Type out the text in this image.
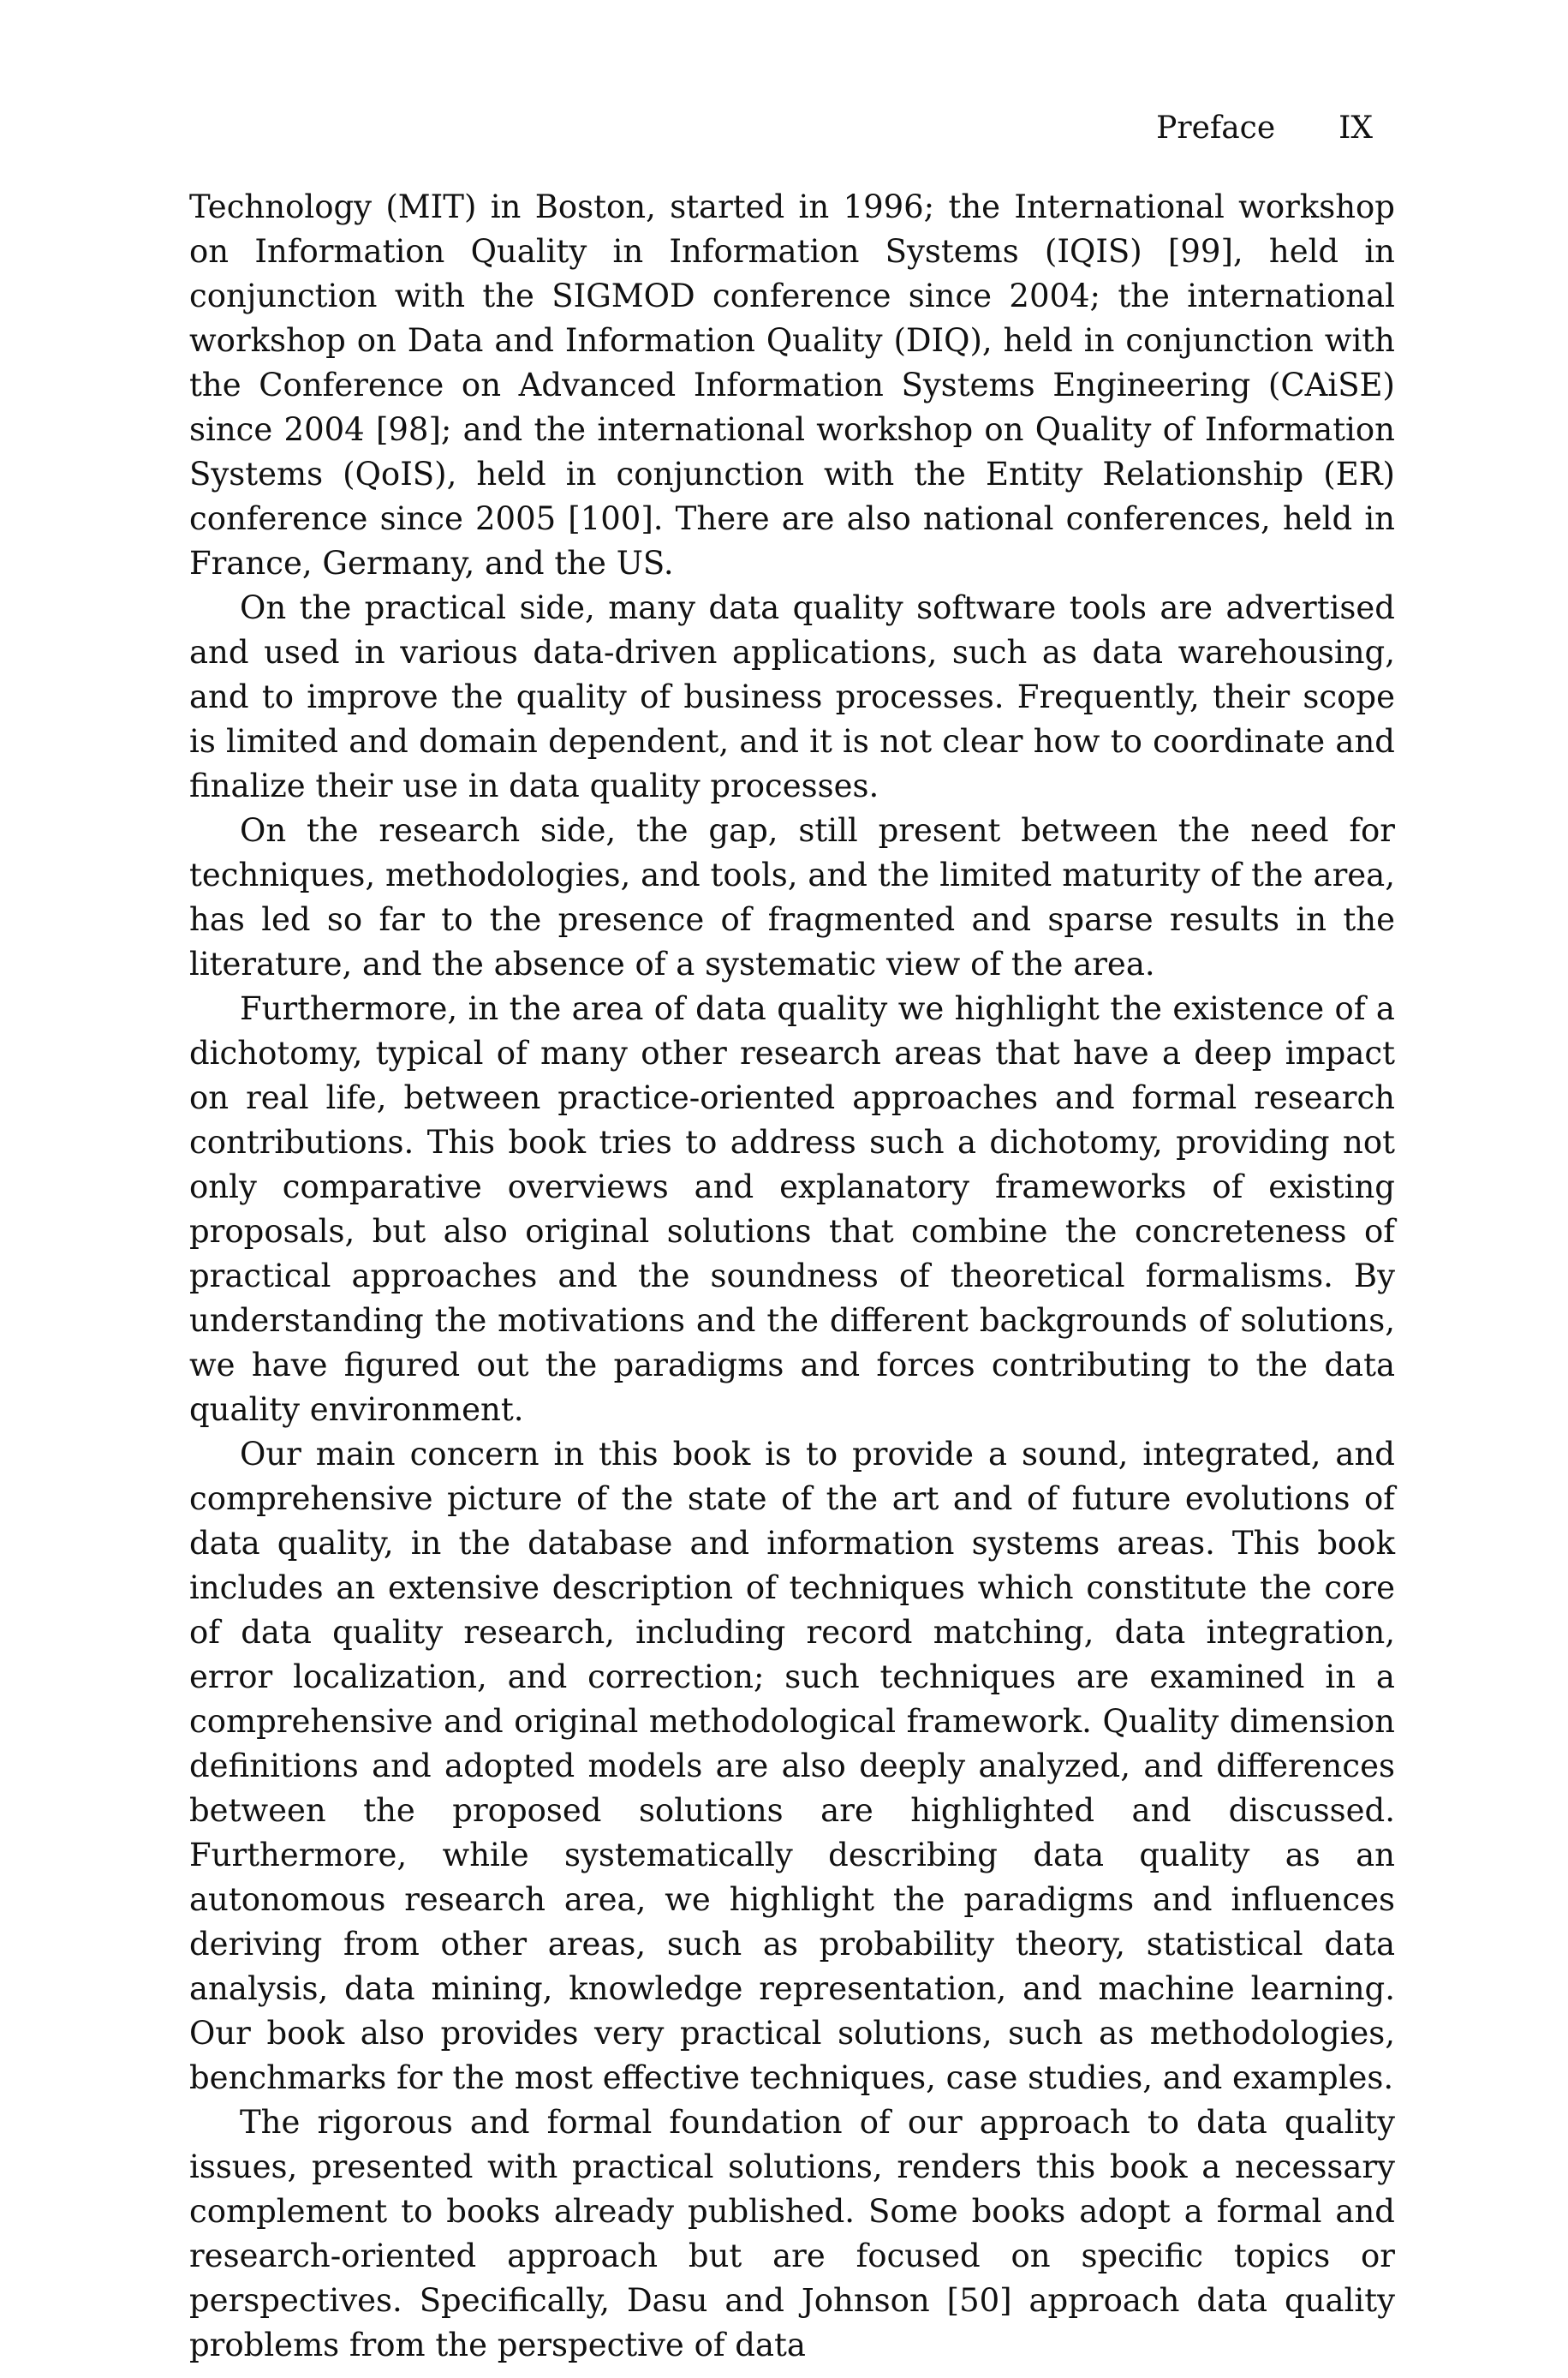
Preface IX

Technology (MIT) in Boston, started in 1996; the International workshop on Information Quality in Information Systems (IQIS) [99], held in conjunction with the SIGMOD conference since 2004; the international workshop on Data and Information Quality (DIQ), held in conjunction with the Conference on Advanced Information Systems Engineering (CAiSE) since 2004 [98]; and the international workshop on Quality of Information Systems (QoIS), held in conjunction with the Entity Relationship (ER) conference since 2005 [100]. There are also national conferences, held in France, Germany, and the US.

On the practical side, many data quality software tools are advertised and used in various data-driven applications, such as data warehousing, and to improve the quality of business processes. Frequently, their scope is limited and domain dependent, and it is not clear how to coordinate and finalize their use in data quality processes.

On the research side, the gap, still present between the need for techniques, methodologies, and tools, and the limited maturity of the area, has led so far to the presence of fragmented and sparse results in the literature, and the absence of a systematic view of the area.

Furthermore, in the area of data quality we highlight the existence of a dichotomy, typical of many other research areas that have a deep impact on real life, between practice-oriented approaches and formal research contributions. This book tries to address such a dichotomy, providing not only comparative overviews and explanatory frameworks of existing proposals, but also original solutions that combine the concreteness of practical approaches and the soundness of theoretical formalisms. By understanding the motivations and the different backgrounds of solutions, we have figured out the paradigms and forces contributing to the data quality environment.

Our main concern in this book is to provide a sound, integrated, and comprehensive picture of the state of the art and of future evolutions of data quality, in the database and information systems areas. This book includes an extensive description of techniques which constitute the core of data quality research, including record matching, data integration, error localization, and correction; such techniques are examined in a comprehensive and original methodological framework. Quality dimension definitions and adopted models are also deeply analyzed, and differences between the proposed solutions are highlighted and discussed. Furthermore, while systematically describing data quality as an autonomous research area, we highlight the paradigms and influences deriving from other areas, such as probability theory, statistical data analysis, data mining, knowledge representation, and machine learning. Our book also provides very practical solutions, such as methodologies, benchmarks for the most effective techniques, case studies, and examples.

The rigorous and formal foundation of our approach to data quality issues, presented with practical solutions, renders this book a necessary complement to books already published. Some books adopt a formal and research-oriented approach but are focused on specific topics or perspectives. Specifically, Dasu and Johnson [50] approach data quality problems from the perspective of data
